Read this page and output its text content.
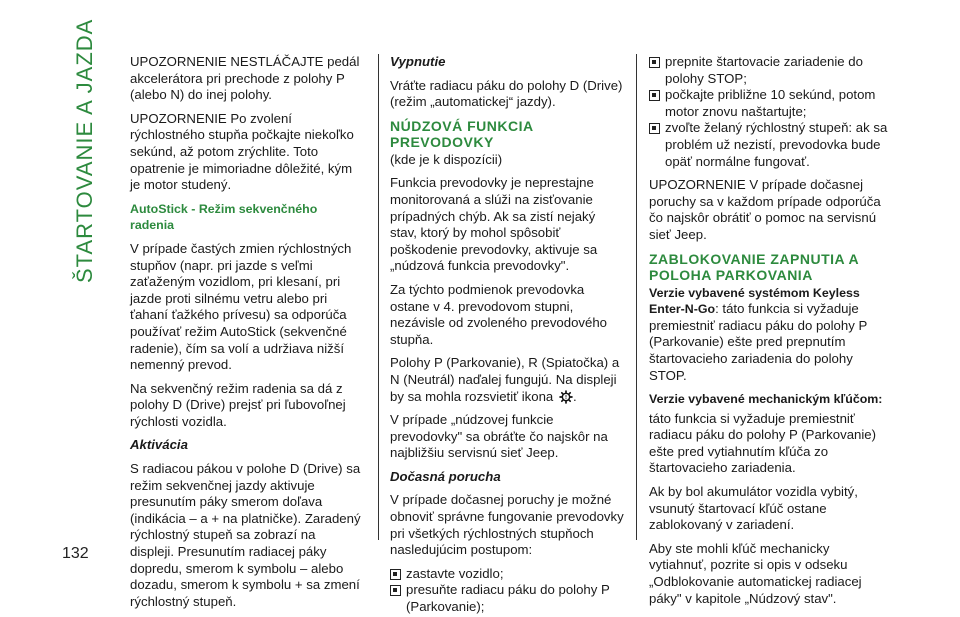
ŠTARTOVANIE A JAZDA
132

UPOZORNENIE NESTLÁČAJTE pedál akcelerátora pri prechode z polohy P (alebo N) do inej polohy.

UPOZORNENIE Po zvolení rýchlostného stupňa počkajte niekoľko sekúnd, až potom zrýchlite. Toto opatrenie je mimoriadne dôležité, kým je motor studený.

AutoStick - Režim sekvenčného radenia

V prípade častých zmien rýchlostných stupňov (napr. pri jazde s veľmi zaťaženým vozidlom, pri klesaní, pri jazde proti silnému vetru alebo pri ťahaní ťažkého prívesu) sa odporúča používať režim AutoStick (sekvenčné radenie), čím sa volí a udržiava nižší nemenný prevod.

Na sekvenčný režim radenia sa dá z polohy D (Drive) prejsť pri ľubovoľnej rýchlosti vozidla.

Aktivácia

S radiacou pákou v polohe D (Drive) sa režim sekvenčnej jazdy aktivuje presunutím páky smerom doľava (indikácia – a + na platničke). Zaradený rýchlostný stupeň sa zobrazí na displeji. Presunutím radiacej páky dopredu, smerom k symbolu – alebo dozadu, smerom k symbolu + sa zmení rýchlostný stupeň.

Vypnutie

Vráťte radiacu páku do polohy D (Drive) (režim „automatickej“ jazdy).

NÚDZOVÁ FUNKCIA PREVODOVKY

(kde je k dispozícii)

Funkcia prevodovky je neprestajne monitorovaná a slúži na zisťovanie prípadných chýb. Ak sa zistí nejaký stav, ktorý by mohol spôsobiť poškodenie prevodovky, aktivuje sa „núdzová funkcia prevodovky".

Za týchto podmienok prevodovka ostane v 4. prevodovom stupni, nezávisle od zvoleného prevodového stupňa.

Polohy P (Parkovanie), R (Spiatočka) a N (Neutrál) naďalej fungujú. Na displeji by sa mohla rozsvietiť ikona ! .

V prípade „núdzovej funkcie prevodovky" sa obráťte čo najskôr na najbližšiu servisnú sieť Jeep.

Dočasná porucha

V prípade dočasnej poruchy je možné obnoviť správne fungovanie prevodovky pri všetkých rýchlostných stupňoch nasledujúcim postupom:

zastavte vozidlo;
presuňte radiacu páku do polohy P (Parkovanie);
prepnite štartovacie zariadenie do polohy STOP;
počkajte približne 10 sekúnd, potom motor znovu naštartujte;
zvoľte želaný rýchlostný stupeň: ak sa problém už nezistí, prevodovka bude opäť normálne fungovať.

UPOZORNENIE V prípade dočasnej poruchy sa v každom prípade odporúča čo najskôr obrátiť o pomoc na servisnú sieť Jeep.

ZABLOKOVANIE ZAPNUTIA A POLOHA PARKOVANIA

Verzie vybavené systémom Keyless Enter-N-Go: táto funkcia si vyžaduje premiestniť radiacu páku do polohy P (Parkovanie) ešte pred prepnutím štartovacieho zariadenia do polohy STOP.

Verzie vybavené mechanickým kľúčom:

táto funkcia si vyžaduje premiestniť radiacu páku do polohy P (Parkovanie) ešte pred vytiahnutím kľúča zo štartovacieho zariadenia.

Ak by bol akumulátor vozidla vybitý, vsunutý štartovací kľúč ostane zablokovaný v zariadení.

Aby ste mohli kľúč mechanicky vytiahnuť, pozrite si opis v odseku „Odblokovanie automatickej radiacej páky" v kapitole „Núdzový stav".
